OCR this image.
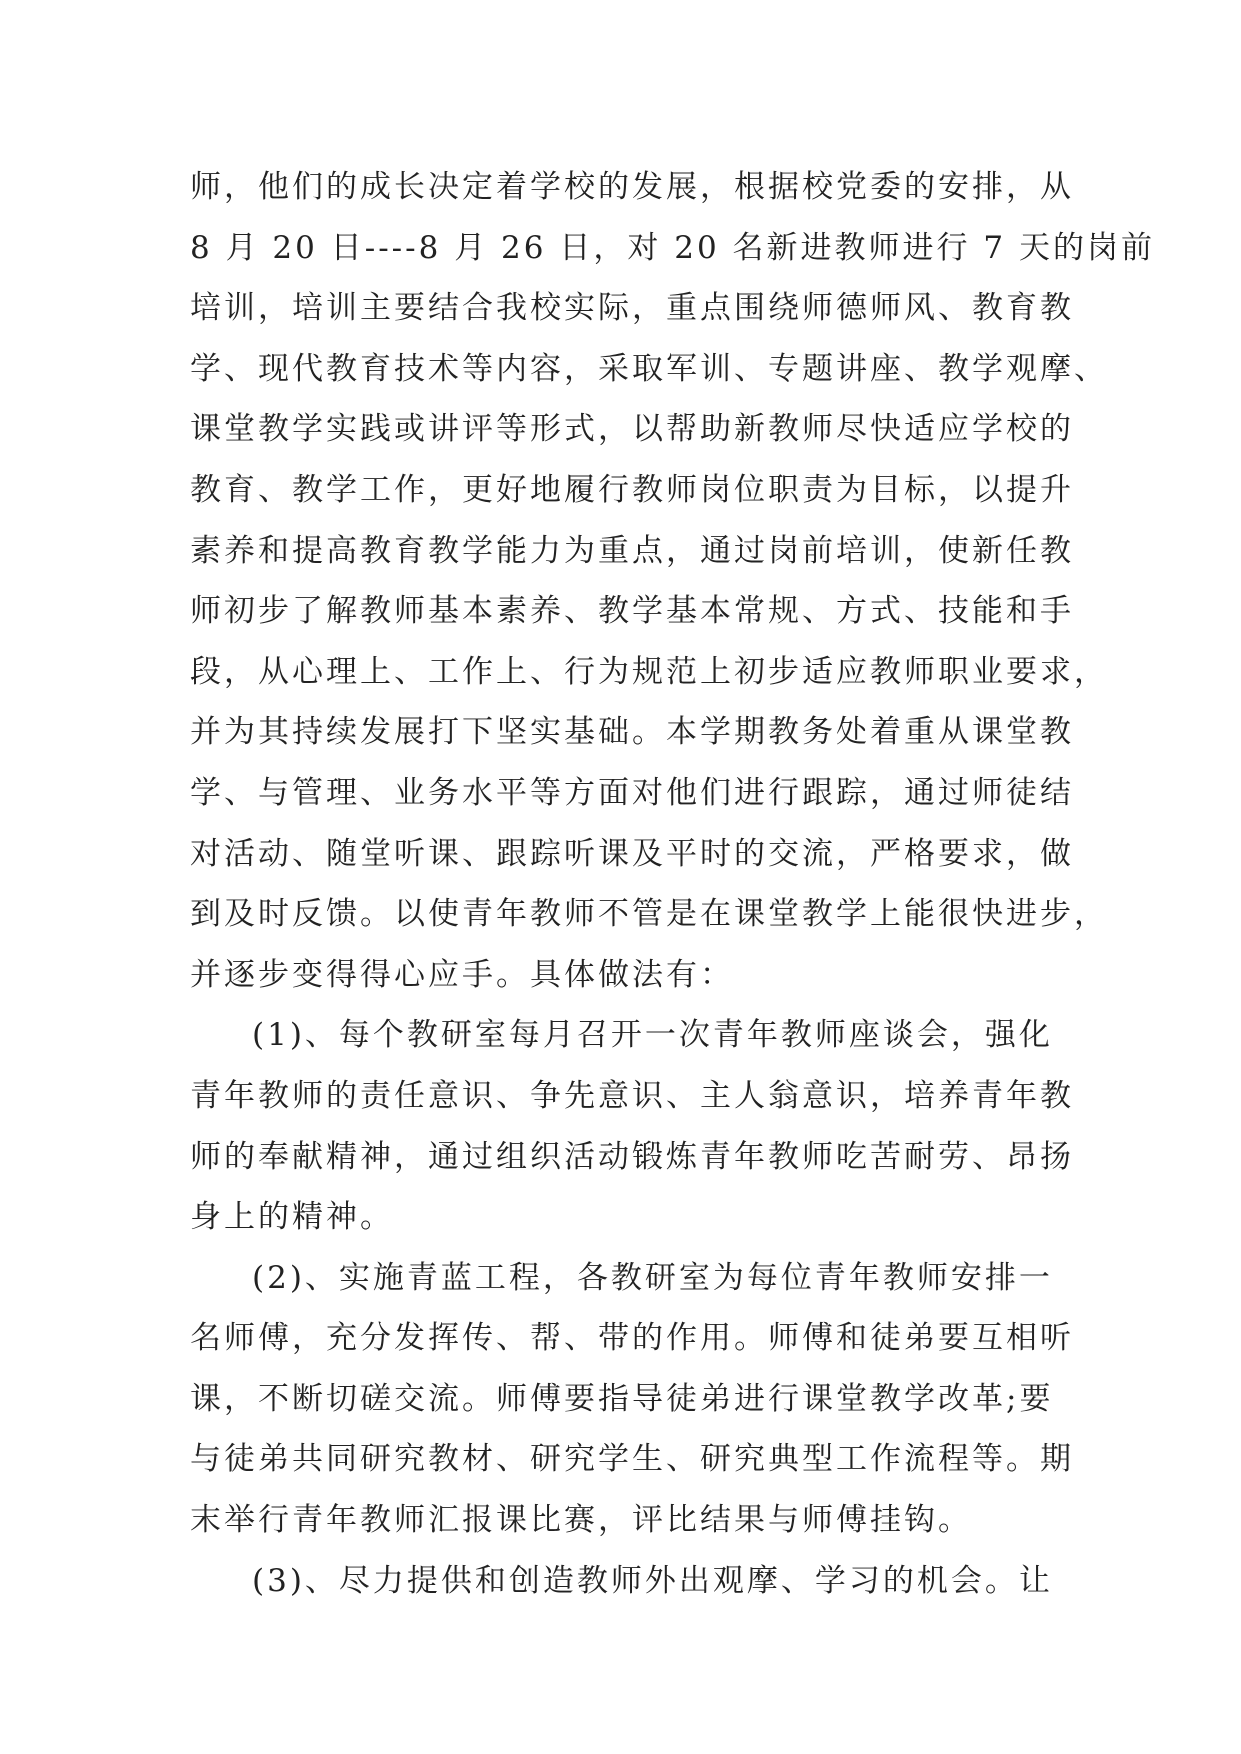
师，他们的成长决定着学校的发展，根据校党委的安排，从
8 月 20 日----8 月 26 日，对 20 名新进教师进行 7 天的岗前
培训，培训主要结合我校实际，重点围绕师德师风、教育教
学、现代教育技术等内容，采取军训、专题讲座、教学观摩、
课堂教学实践或讲评等形式，以帮助新教师尽快适应学校的
教育、教学工作，更好地履行教师岗位职责为目标，以提升
素养和提高教育教学能力为重点，通过岗前培训，使新任教
师初步了解教师基本素养、教学基本常规、方式、技能和手
段，从心理上、工作上、行为规范上初步适应教师职业要求，
并为其持续发展打下坚实基础。本学期教务处着重从课堂教
学、与管理、业务水平等方面对他们进行跟踪，通过师徒结
对活动、随堂听课、跟踪听课及平时的交流，严格要求，做
到及时反馈。以使青年教师不管是在课堂教学上能很快进步，
并逐步变得得心应手。具体做法有：
(1)、每个教研室每月召开一次青年教师座谈会，强化
青年教师的责任意识、争先意识、主人翁意识，培养青年教
师的奉献精神，通过组织活动锻炼青年教师吃苦耐劳、昂扬
身上的精神。
(2)、实施青蓝工程，各教研室为每位青年教师安排一
名师傅，充分发挥传、帮、带的作用。师傅和徒弟要互相听
课，不断切磋交流。师傅要指导徒弟进行课堂教学改革;要
与徒弟共同研究教材、研究学生、研究典型工作流程等。期
末举行青年教师汇报课比赛，评比结果与师傅挂钩。
(3)、尽力提供和创造教师外出观摩、学习的机会。让
